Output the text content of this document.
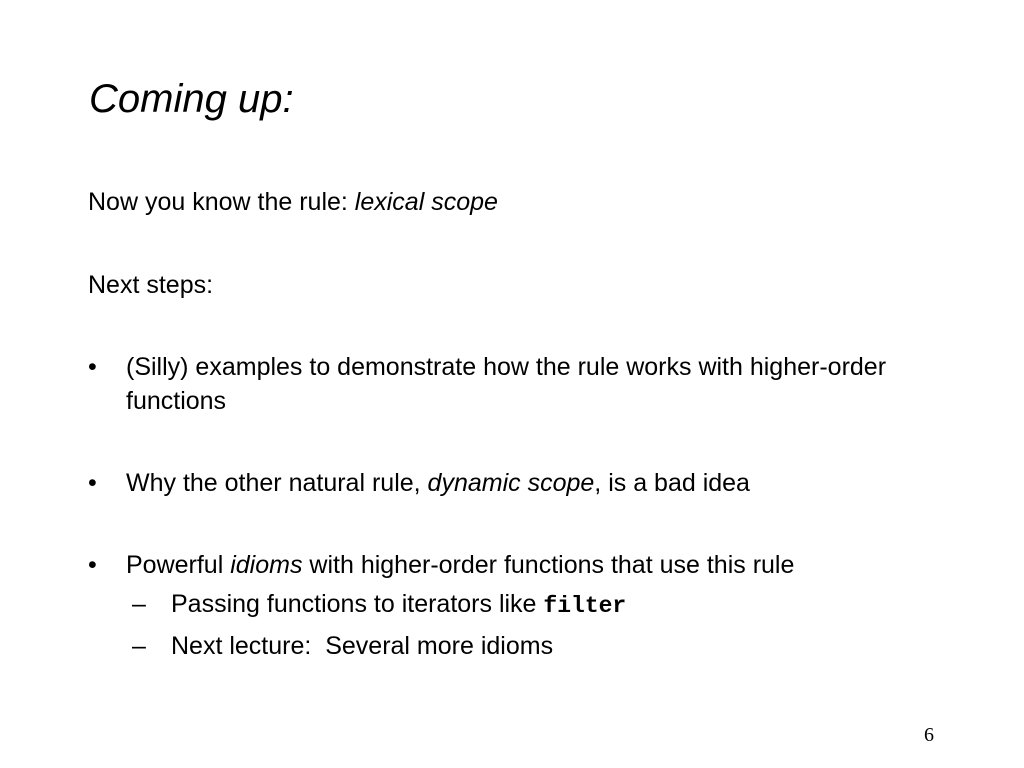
Coming up:
Now you know the rule: lexical scope
Next steps:
•	(Silly) examples to demonstrate how the rule works with higher-order functions
•	Why the other natural rule, dynamic scope, is a bad idea
•	Powerful idioms with higher-order functions that use this rule
– Passing functions to iterators like filter
– Next lecture:  Several more idioms
6
